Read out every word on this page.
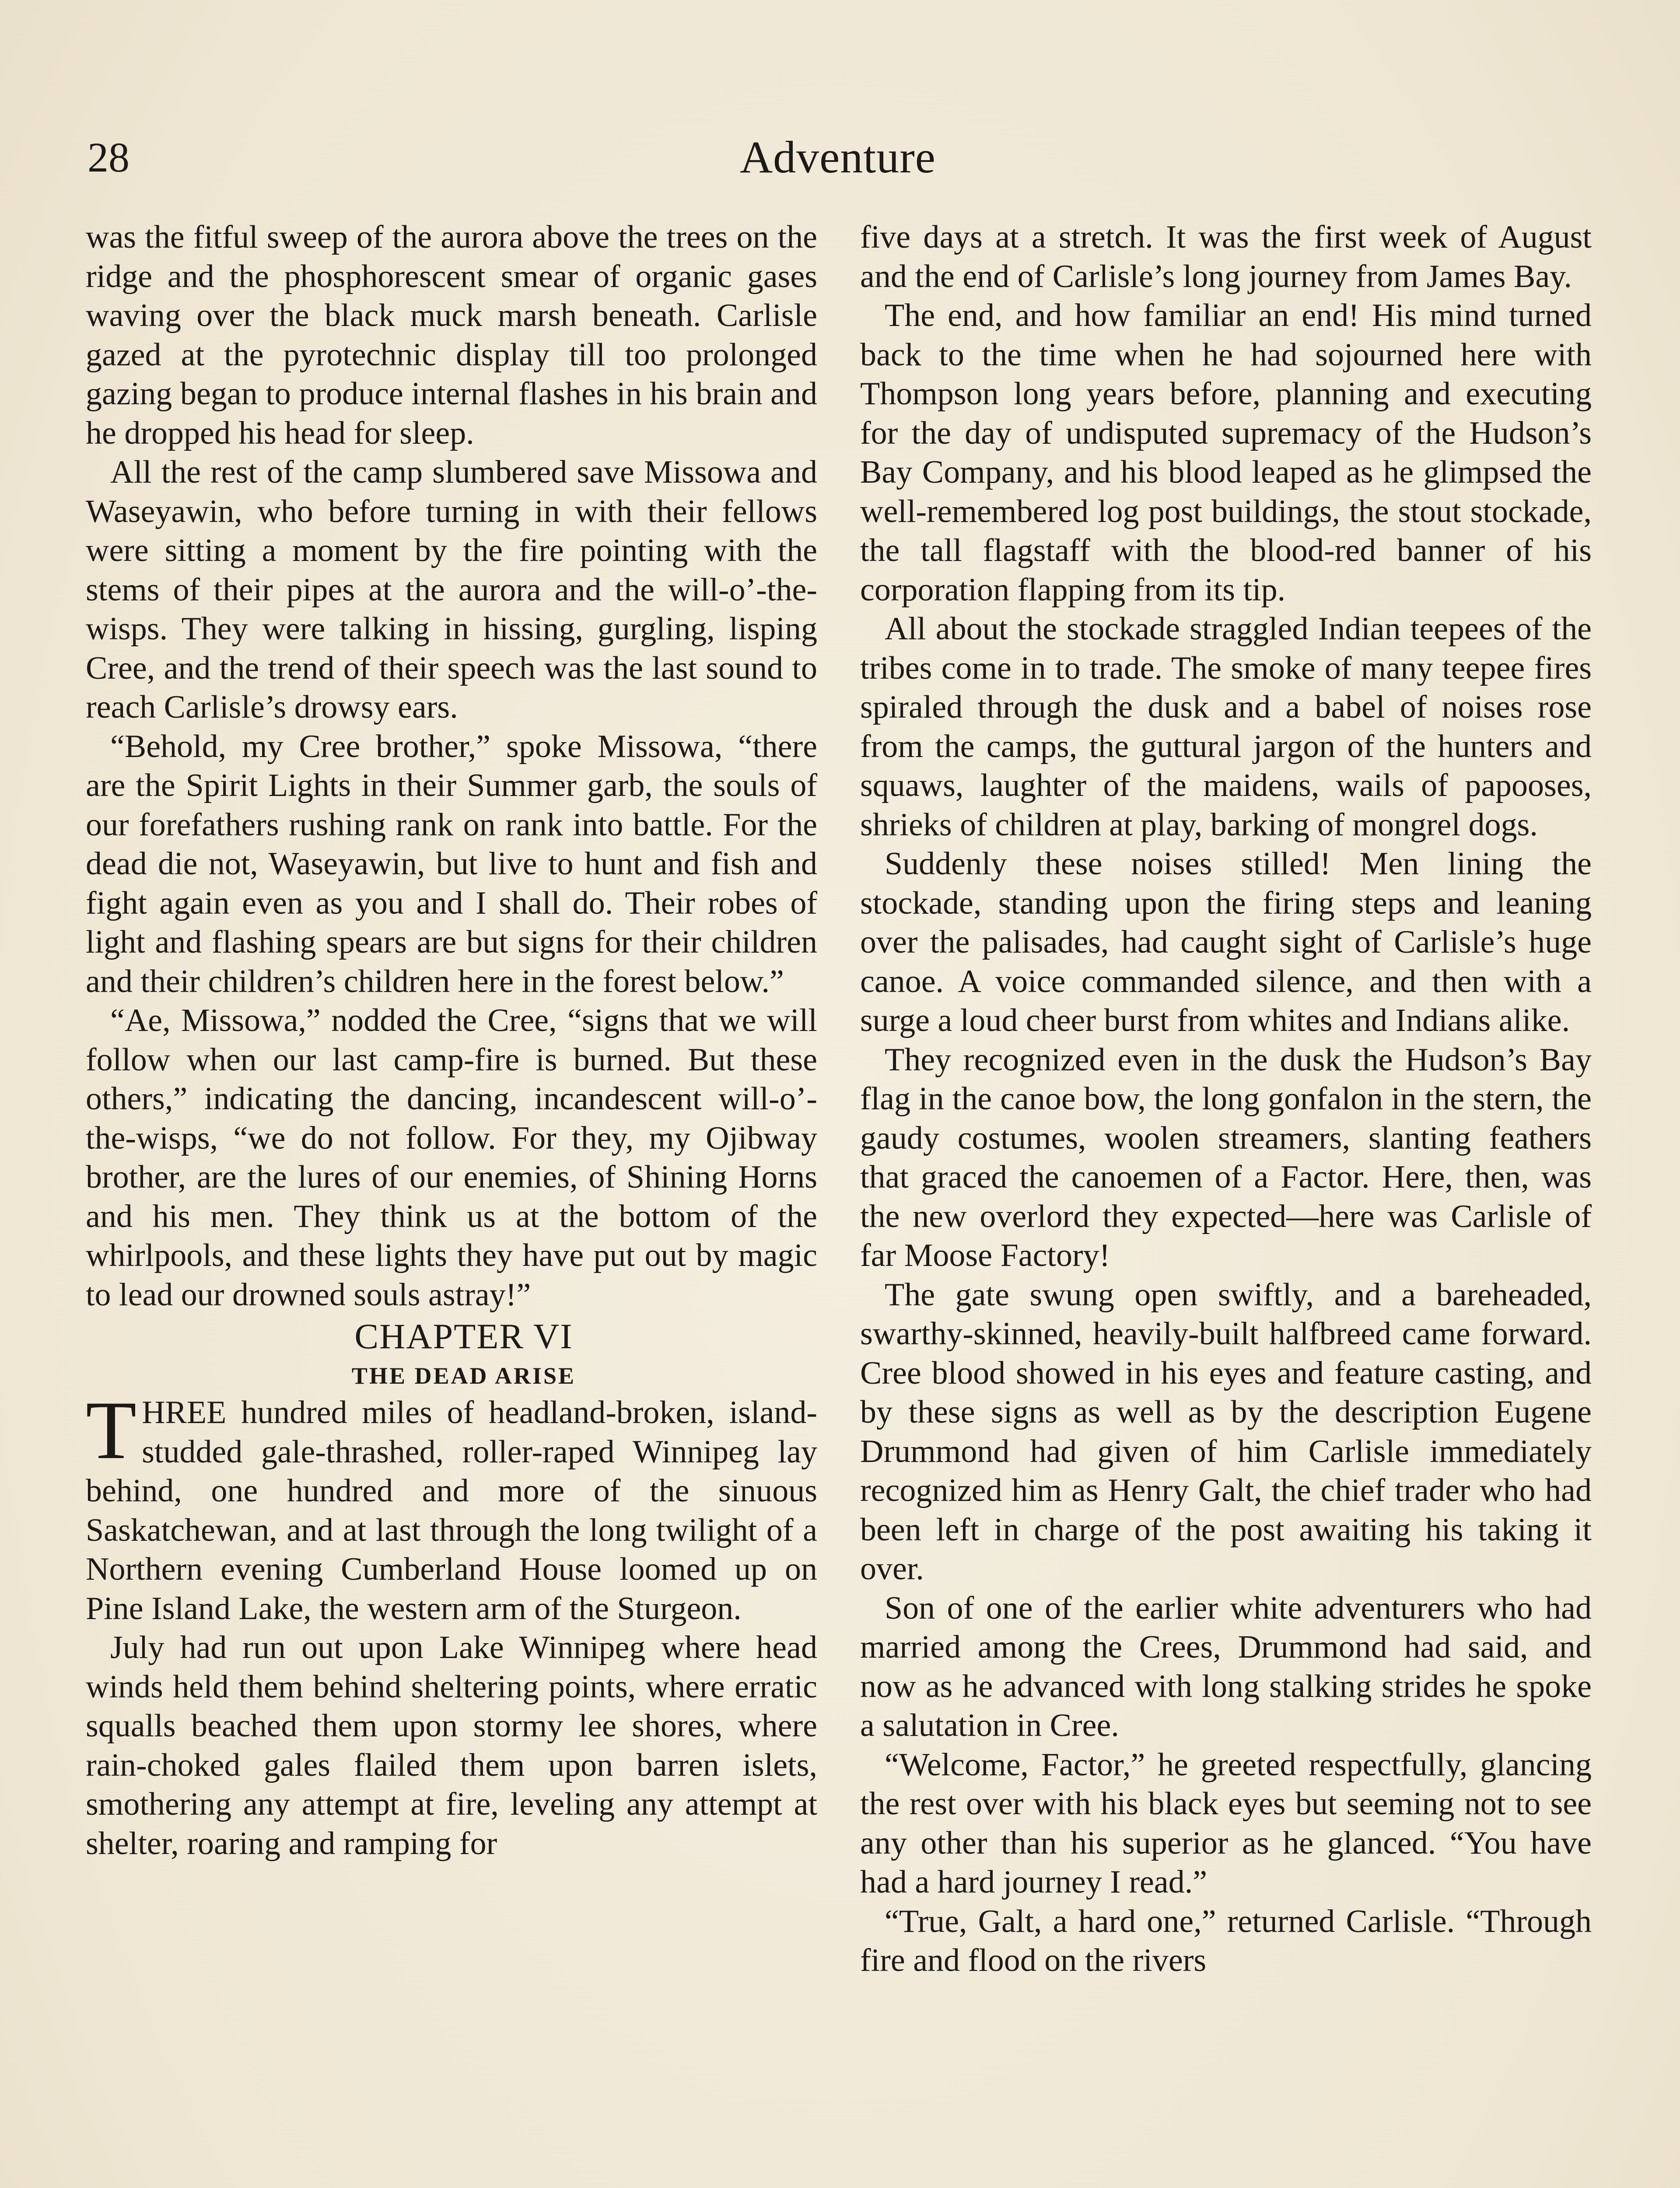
28	Adventure

was the fitful sweep of the aurora above the trees on the ridge and the phosphorescent smear of organic gases waving over the black muck marsh beneath. Carlisle gazed at the pyrotechnic display till too prolonged gazing began to produce internal flashes in his brain and he dropped his head for sleep.

All the rest of the camp slumbered save Missowa and Waseyawin, who before turning in with their fellows were sitting a moment by the fire pointing with the stems of their pipes at the aurora and the will-o’-the-wisps. They were talking in hissing, gurgling, lisping Cree, and the trend of their speech was the last sound to reach Carlisle’s drowsy ears.

“Behold, my Cree brother,” spoke Missowa, “there are the Spirit Lights in their Summer garb, the souls of our forefathers rushing rank on rank into battle. For the dead die not, Waseyawin, but live to hunt and fish and fight again even as you and I shall do. Their robes of light and flashing spears are but signs for their children and their children’s children here in the forest below.”

“Ae, Missowa,” nodded the Cree, “signs that we will follow when our last camp-fire is burned. But these others,” indicating the dancing, incandescent will-o’-the-wisps, “we do not follow. For they, my Ojibway brother, are the lures of our enemies, of Shining Horns and his men. They think us at the bottom of the whirlpools, and these lights they have put out by magic to lead our drowned souls astray!”

CHAPTER VI

THE DEAD ARISE

THREE hundred miles of headland-broken, island-studded gale-thrashed, roller-raped Winnipeg lay behind, one hundred and more of the sinuous Saskatchewan, and at last through the long twilight of a Northern evening Cumberland House loomed up on Pine Island Lake, the western arm of the Sturgeon.

July had run out upon Lake Winnipeg where head winds held them behind sheltering points, where erratic squalls beached them upon stormy lee shores, where rain-choked gales flailed them upon barren islets, smothering any attempt at fire, leveling any attempt at shelter, roaring and ramping for

five days at a stretch. It was the first week of August and the end of Carlisle’s long journey from James Bay.

The end, and how familiar an end! His mind turned back to the time when he had sojourned here with Thompson long years before, planning and executing for the day of undisputed supremacy of the Hudson’s Bay Company, and his blood leaped as he glimpsed the well-remembered log post buildings, the stout stockade, the tall flagstaff with the blood-red banner of his corporation flapping from its tip.

All about the stockade straggled Indian teepees of the tribes come in to trade. The smoke of many teepee fires spiraled through the dusk and a babel of noises rose from the camps, the guttural jargon of the hunters and squaws, laughter of the maidens, wails of papooses, shrieks of children at play, barking of mongrel dogs.

Suddenly these noises stilled! Men lining the stockade, standing upon the firing steps and leaning over the palisades, had caught sight of Carlisle’s huge canoe. A voice commanded silence, and then with a surge a loud cheer burst from whites and Indians alike.

They recognized even in the dusk the Hudson’s Bay flag in the canoe bow, the long gonfalon in the stern, the gaudy costumes, woolen streamers, slanting feathers that graced the canoemen of a Factor. Here, then, was the new overlord they expected—here was Carlisle of far Moose Factory!

The gate swung open swiftly, and a bareheaded, swarthy-skinned, heavily-built halfbreed came forward. Cree blood showed in his eyes and feature casting, and by these signs as well as by the description Eugene Drummond had given of him Carlisle immediately recognized him as Henry Galt, the chief trader who had been left in charge of the post awaiting his taking it over.

Son of one of the earlier white adventurers who had married among the Crees, Drummond had said, and now as he advanced with long stalking strides he spoke a salutation in Cree.

“Welcome, Factor,” he greeted respectfully, glancing the rest over with his black eyes but seeming not to see any other than his superior as he glanced. “You have had a hard journey I read.”

“True, Galt, a hard one,” returned Carlisle. “Through fire and flood on the rivers
